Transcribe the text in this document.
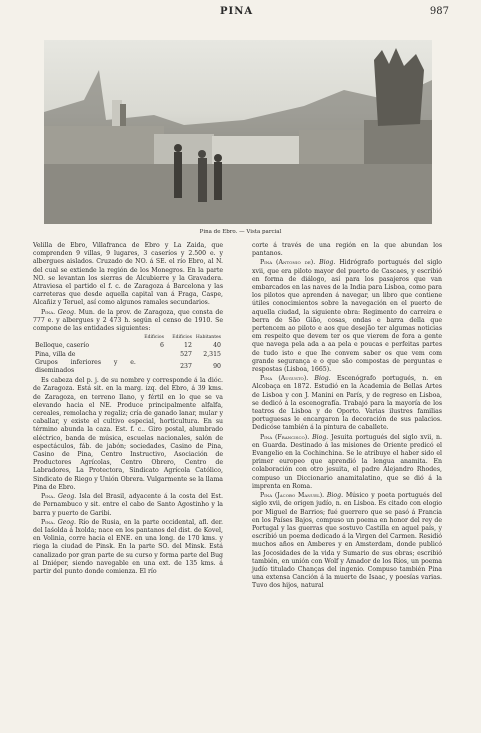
PINA	987
Pina de Ebro. — Vista parcial

Velilla de Ebro, Villafranca de Ebro y La Zaida, que comprenden 9 villas, 9 lugares, 3 caseríos y 2.500 e. y albergues aislados. Cruzado de NO. á SE. el río Ebro, al N. del cual se extiende la región de los Monegros. En la parte NO. se levantan los sierras de Alcubierre y la Gravadera. Atraviesa el partido el f. c. de Zaragoza á Barcelona y las carreteras que desde aquella capital van á Fraga, Caspe, Alcañiz y Teruel, así como algunos ramales secundarios.

Pina. Geog. Mun. de la prov. de Zaragoza, que consta de 777 e. y albergues y 2 473 h. según el censo de 1910. Se compone de las entidades siguientes:

	Edificios	Edificios	Habitantes
Belloque, caserío	6	12	40
Pina, villa de		527	2,315
Grupos inferiores y e. diseminados		237	90

Es cabeza del p. j. de su nombre y corresponde á la dióc. de Zaragoza. Está sit. en la marg. izq. del Ebro, á 39 kms. de Zaragoza, en terreno llano, y fértil en lo que se va elevando hacia el NE. Produce principalmente alfalfa, cereales, remolacha y regaliz; cría de ganado lanar, mular y caballar, y existe el cultivo especial, horticultura. En su término abunda la caza. Est. f. c.. Giro postal, alumbrado eléctrico, banda de música, escuelas nacionales, salón de espectáculos, fáb. de jabón; sociedades, Casino de Pina, Casino de Pina, Centro Instructivo, Asociación de Productores Agrícolas, Centro Obrero, Centro de Labradores, La Protectora, Sindicato Agrícola Católico, Sindicato de Riego y Unión Obrera. Vulgarmente se la llama Pina de Ebro.

Pina. Geog. Isla del Brasil, adyacente á la costa del Est. de Pernambuco y sit. entre el cabo de Santo Agostinho y la barra y puerto de Garibi.

Pina. Geog. Río de Rusia, en la parte occidental, afl. der. del Iaśolda á Ixolda; nace en los pantanos del dist. de Kovel, en Volinia, corre hacia el ENE. en una long. de 170 kms. y riega la ciudad de Pinsk. En la parte SO. del Minsk. Está canalizado por gran parte de su curso y forma parte del Bug al Dniéper, siendo navegable en una ext. de 135 kms. á partir del punto donde comienza. El río

corte á través de una región en la que abundan los pantanos.

Pina (Antonio de). Biog. Hidrógrafo portugués del siglo xvii, que era piloto mayor del puerto de Cascaes, y escribió en forma de diálogo, así para los pasajeros que van embarcados en las naves de la India para Lisboa, como para los pilotos que aprenden á navegar, un libro que contiene útiles conocimientos sobre la navegación en el puerto de aquella ciudad, la siguiente obra: Regimento do carreira e berra de São Gião, cosas, ondas e barra della que pertencem ao piloto e aos que desejão ter algumas noticias em respeito que devem ter os que vierem de fora a gente que navega pela ada a aa pela e poucas e perfeitas partes de tudo isto e que lhe convem saber os que vem com grande segurança e o que são compostas de perguntas e respostas (Lisboa, 1665).

Pina (Augusto). Biog. Escenógrafo portugués, n. en Alcobaça en 1872. Estudió en la Academia de Bellas Artes de Lisboa y con J. Manini en París, y de regreso en Lisboa, se dedicó á la escenografía. Trabajó para la mayoría de los teatros de Lisboa y de Oporto. Varias ilustres familias portuguesas le encargaron la decoración de sus palacios. Dedicóse también á la pintura de caballete.

Pina (Francisco). Biog. Jesuita portugués del siglo xvii, n. en Guarda. Destinado á las misiones de Oriente predicó el Evangelio en la Cochinchina. Se le atribuye el haber sido el primer europeo que aprendió la lengua anamita. En colaboración con otro jesuita, el padre Alejandro Rhodes, compuso un Diccionario anamitalatino, que se dió á la imprenta en Roma.

Pina (Jacobo Manuel). Biog. Músico y poeta portugués del siglo xvii, de origen judío, n. en Lisboa. Es citado con elogio por Miguel de Barrios; fué guerrero que se pasó á Francia en los Países Bajos, compuso un poema en honor del rey de Portugal y las guerras que sostuvo Castilla en aquel país, y escribió un poema dedicado á la Virgen del Carmen. Residió muchos años en Amberes y en Amsterdam, donde publicó las Jocosidades de la vida y Sumario de sus obras; escribió también, en unión con Wolf y Amador de los Ríos, un poema judío titulado Chanças del ingenio. Compuso también Pina una extensa Canción á la muerte de Isaac, y poesías varias. Tuvo dos hijos, natural
